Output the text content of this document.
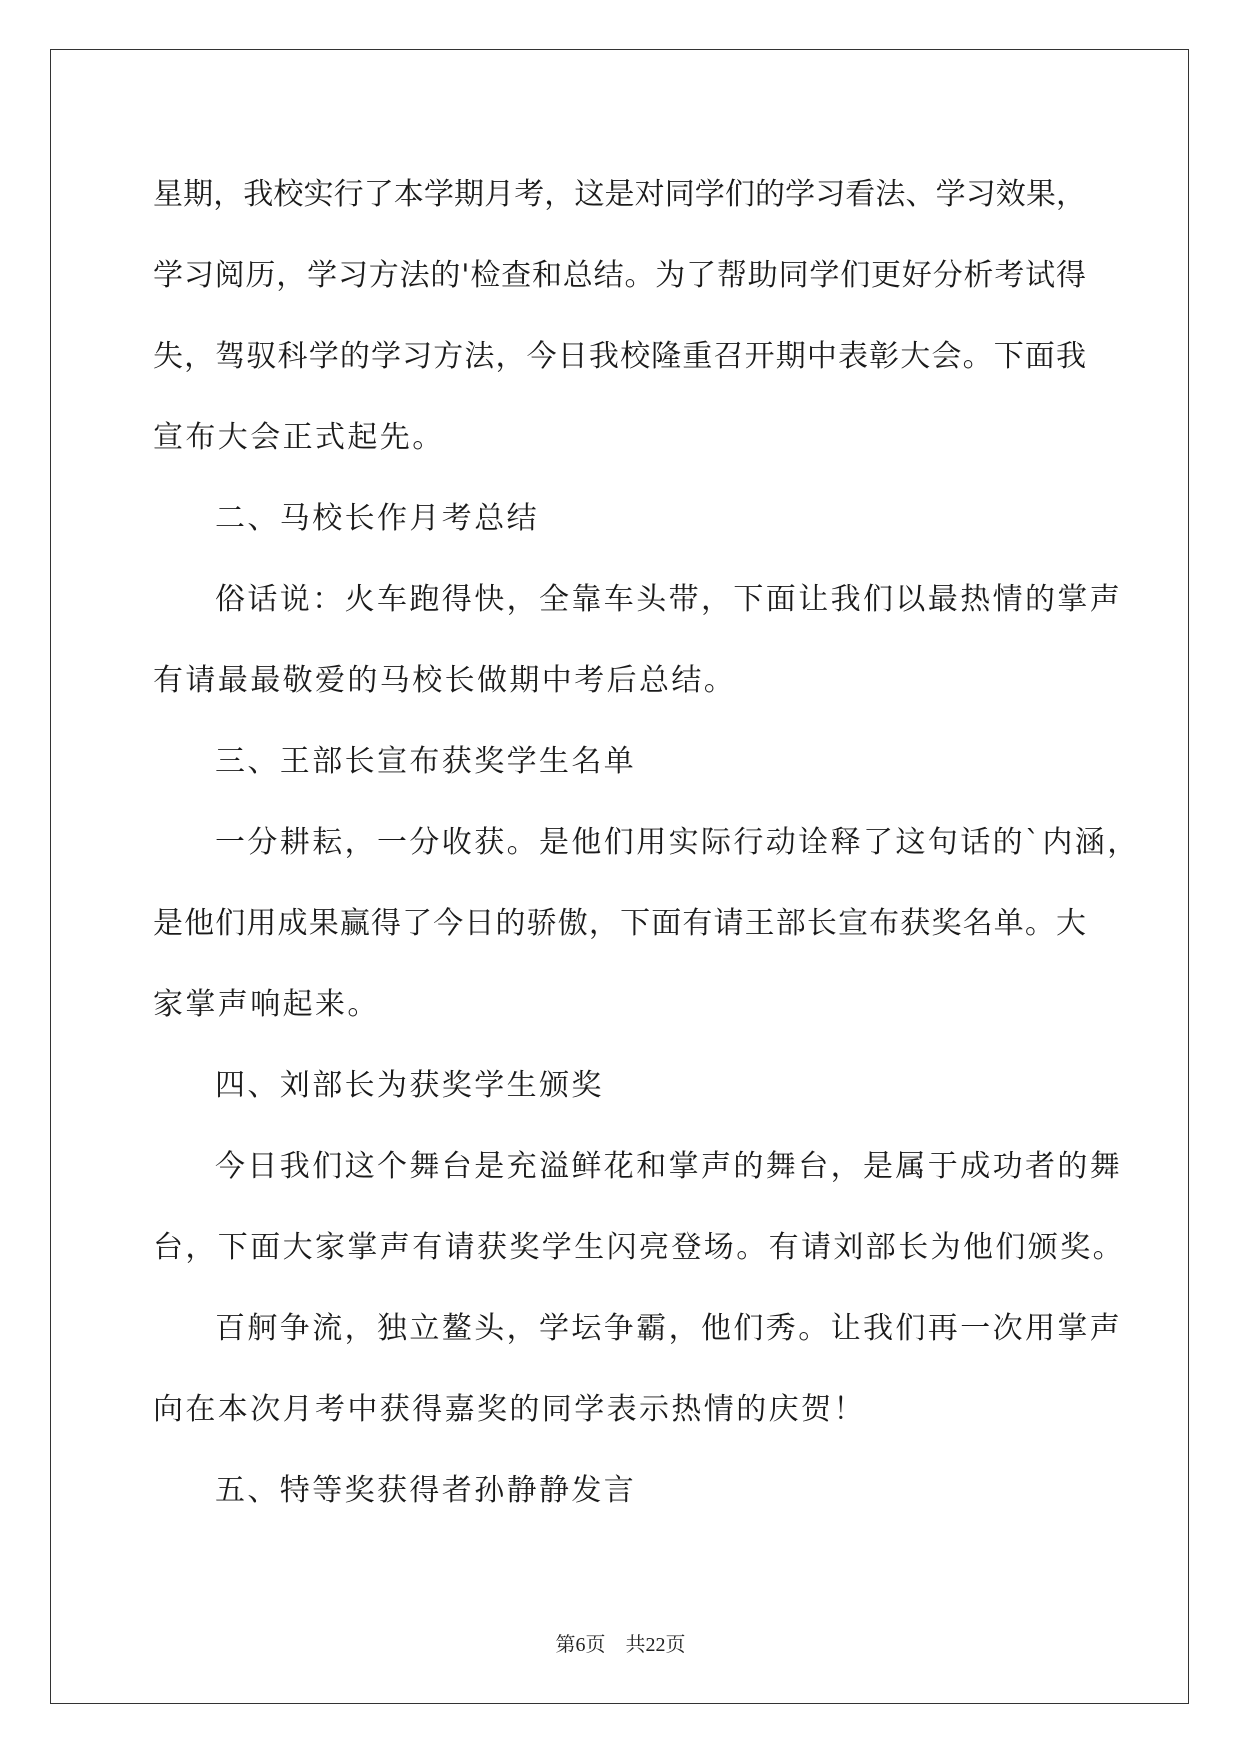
星期，我校实行了本学期月考，这是对同学们的学习看法、学习效果，

学习阅历，学习方法的'检查和总结。为了帮助同学们更好分析考试得

失，驾驭科学的学习方法，今日我校隆重召开期中表彰大会。下面我

宣布大会正式起先。

二、马校长作月考总结

俗话说：火车跑得快，全靠车头带，下面让我们以最热情的掌声

有请最最敬爱的马校长做期中考后总结。

三、王部长宣布获奖学生名单

一分耕耘，一分收获。是他们用实际行动诠释了这句话的`内涵，

是他们用成果赢得了今日的骄傲，下面有请王部长宣布获奖名单。大

家掌声响起来。

四、刘部长为获奖学生颁奖

今日我们这个舞台是充溢鲜花和掌声的舞台，是属于成功者的舞

台，下面大家掌声有请获奖学生闪亮登场。有请刘部长为他们颁奖。

百舸争流，独立鳌头，学坛争霸，他们秀。让我们再一次用掌声

向在本次月考中获得嘉奖的同学表示热情的庆贺！

五、特等奖获得者孙静静发言

第6页 共22页
